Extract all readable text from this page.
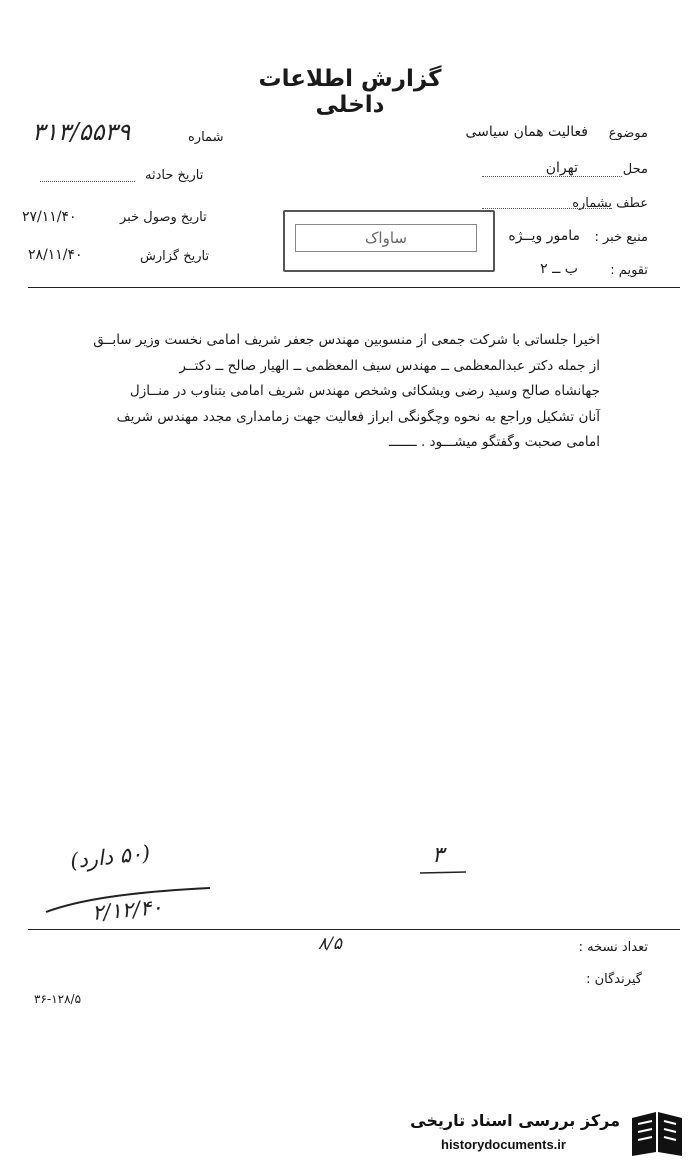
گزارش اطلاعات داخلی
موضوع
فعالیت همان سیاسی
محل
تهران
عطف بشماره
منبع خبر :
مامور ویــژه
تقویم :
ب ــ ۲
شماره
۳۱۳/۵۵۳۹
تاریخ حادثه
تاریخ وصول خبر
۲۷/۱۱/۴۰
تاریخ گزارش
۲۸/۱۱/۴۰
ساواک
اخیرا جلساتی با شرکت جمعی از منسوبین مهندس جعفر شریف امامی نخست وزیر سابــق
از جمله دکتر عبدالمعظمی ــ مهندس سیف المعظمی ــ الهیار صالح ــ دکتــر
جهانشاه صالح وسید رضی ویشکائی وشخص مهندس شریف امامی بتناوب در منــازل
آنان تشکیل وراجع به نحوه وچگونگی ابراز فعالیت جهت زمامداری مجدد مهندس شریف
امامی صحبت وگفتگو میشـــود . ـــــــ
(۵۰ دارد)
۲/۱۲/۴۰
۳
تعداد نسخه :
گیرندگان :
۸/۵
۳۶-۱۲۸/۵
مرکز بررسی اسناد تاریخی
historydocuments.ir
